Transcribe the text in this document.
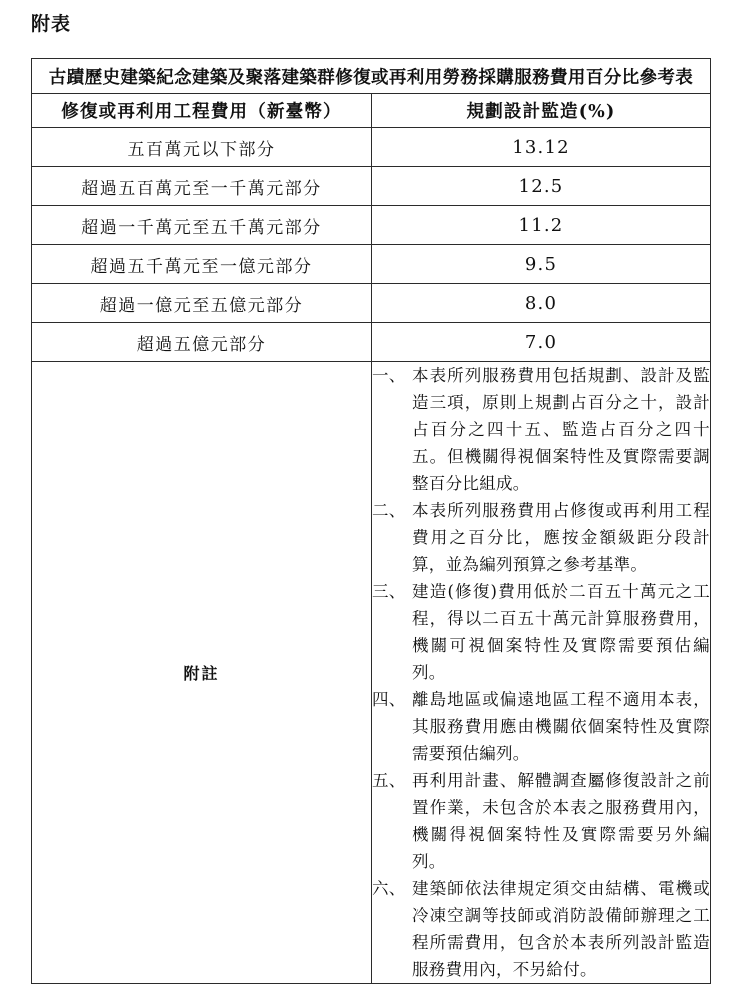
附表
古蹟歷史建築紀念建築及聚落建築群修復或再利用勞務採購服務費用百分比參考表	
修復或再利用工程費用（新臺幣）	規劃設計監造(%)
五百萬元以下部分	13.12
超過五百萬元至一千萬元部分	12.5
超過一千萬元至五千萬元部分	11.2
超過五千萬元至一億元部分	9.5
超過一億元至五億元部分	8.0
超過五億元部分	7.0
附註	
一、 本表所列服務費用包括規劃、設計及監造三項，原則上規劃占百分之十，設計占百分之四十五、監造占百分之四十五。但機關得視個案特性及實際需要調整百分比組成。
二、 本表所列服務費用占修復或再利用工程費用之百分比，應按金額級距分段計算，並為編列預算之參考基準。
三、 建造(修復)費用低於二百五十萬元之工程，得以二百五十萬元計算服務費用，機關可視個案特性及實際需要預估編列。
四、 離島地區或偏遠地區工程不適用本表，其服務費用應由機關依個案特性及實際需要預估編列。
五、 再利用計畫、解體調查屬修復設計之前置作業，未包含於本表之服務費用內，機關得視個案特性及實際需要另外編列。
六、 建築師依法律規定須交由結構、電機或冷凍空調等技師或消防設備師辦理之工程所需費用，包含於本表所列設計監造服務費用內，不另給付。
